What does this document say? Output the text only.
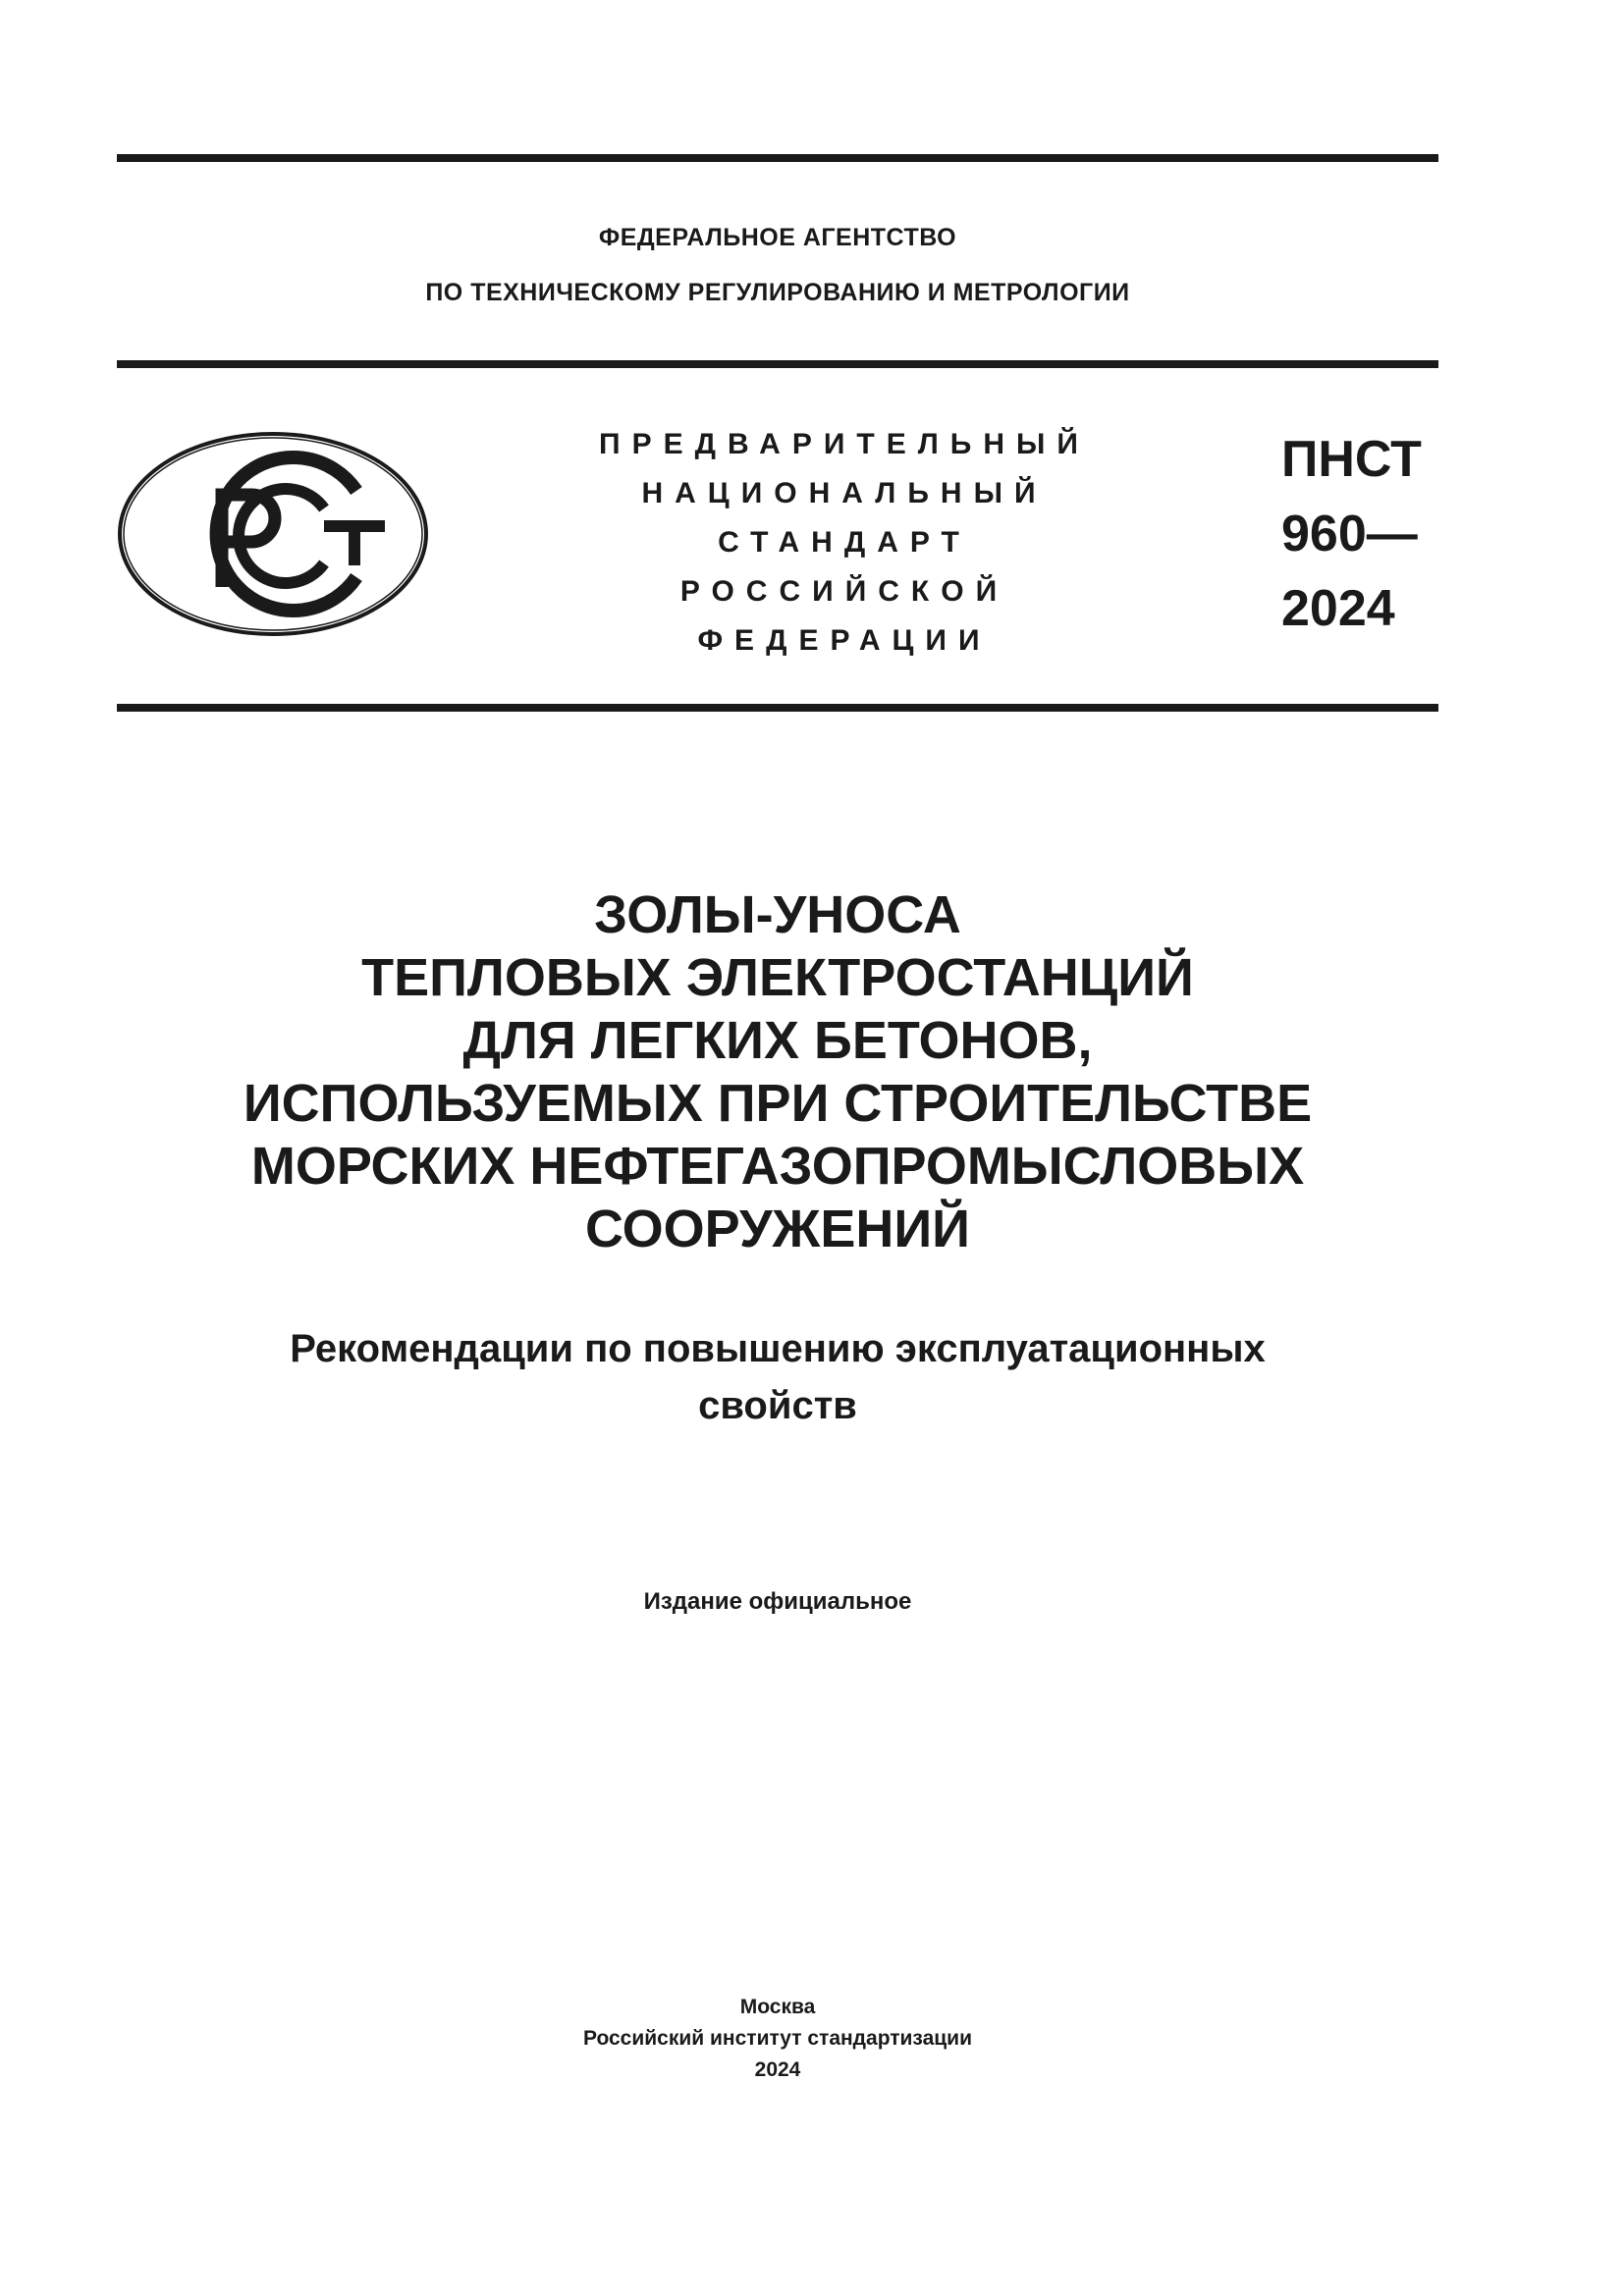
ФЕДЕРАЛЬНОЕ АГЕНТСТВО
ПО ТЕХНИЧЕСКОМУ РЕГУЛИРОВАНИЮ И МЕТРОЛОГИИ
ПРЕДВАРИТЕЛЬНЫЙ
НАЦИОНАЛЬНЫЙ
СТАНДАРТ
РОССИЙСКОЙ
ФЕДЕРАЦИИ
ПНСТ
960—
2024
ЗОЛЫ-УНОСА
ТЕПЛОВЫХ ЭЛЕКТРОСТАНЦИЙ
ДЛЯ ЛЕГКИХ БЕТОНОВ,
ИСПОЛЬЗУЕМЫХ ПРИ СТРОИТЕЛЬСТВЕ
МОРСКИХ НЕФТЕГАЗОПРОМЫСЛОВЫХ
СООРУЖЕНИЙ
Рекомендации по повышению эксплуатационных
свойств
Издание официальное
Москва
Российский институт стандартизации
2024
